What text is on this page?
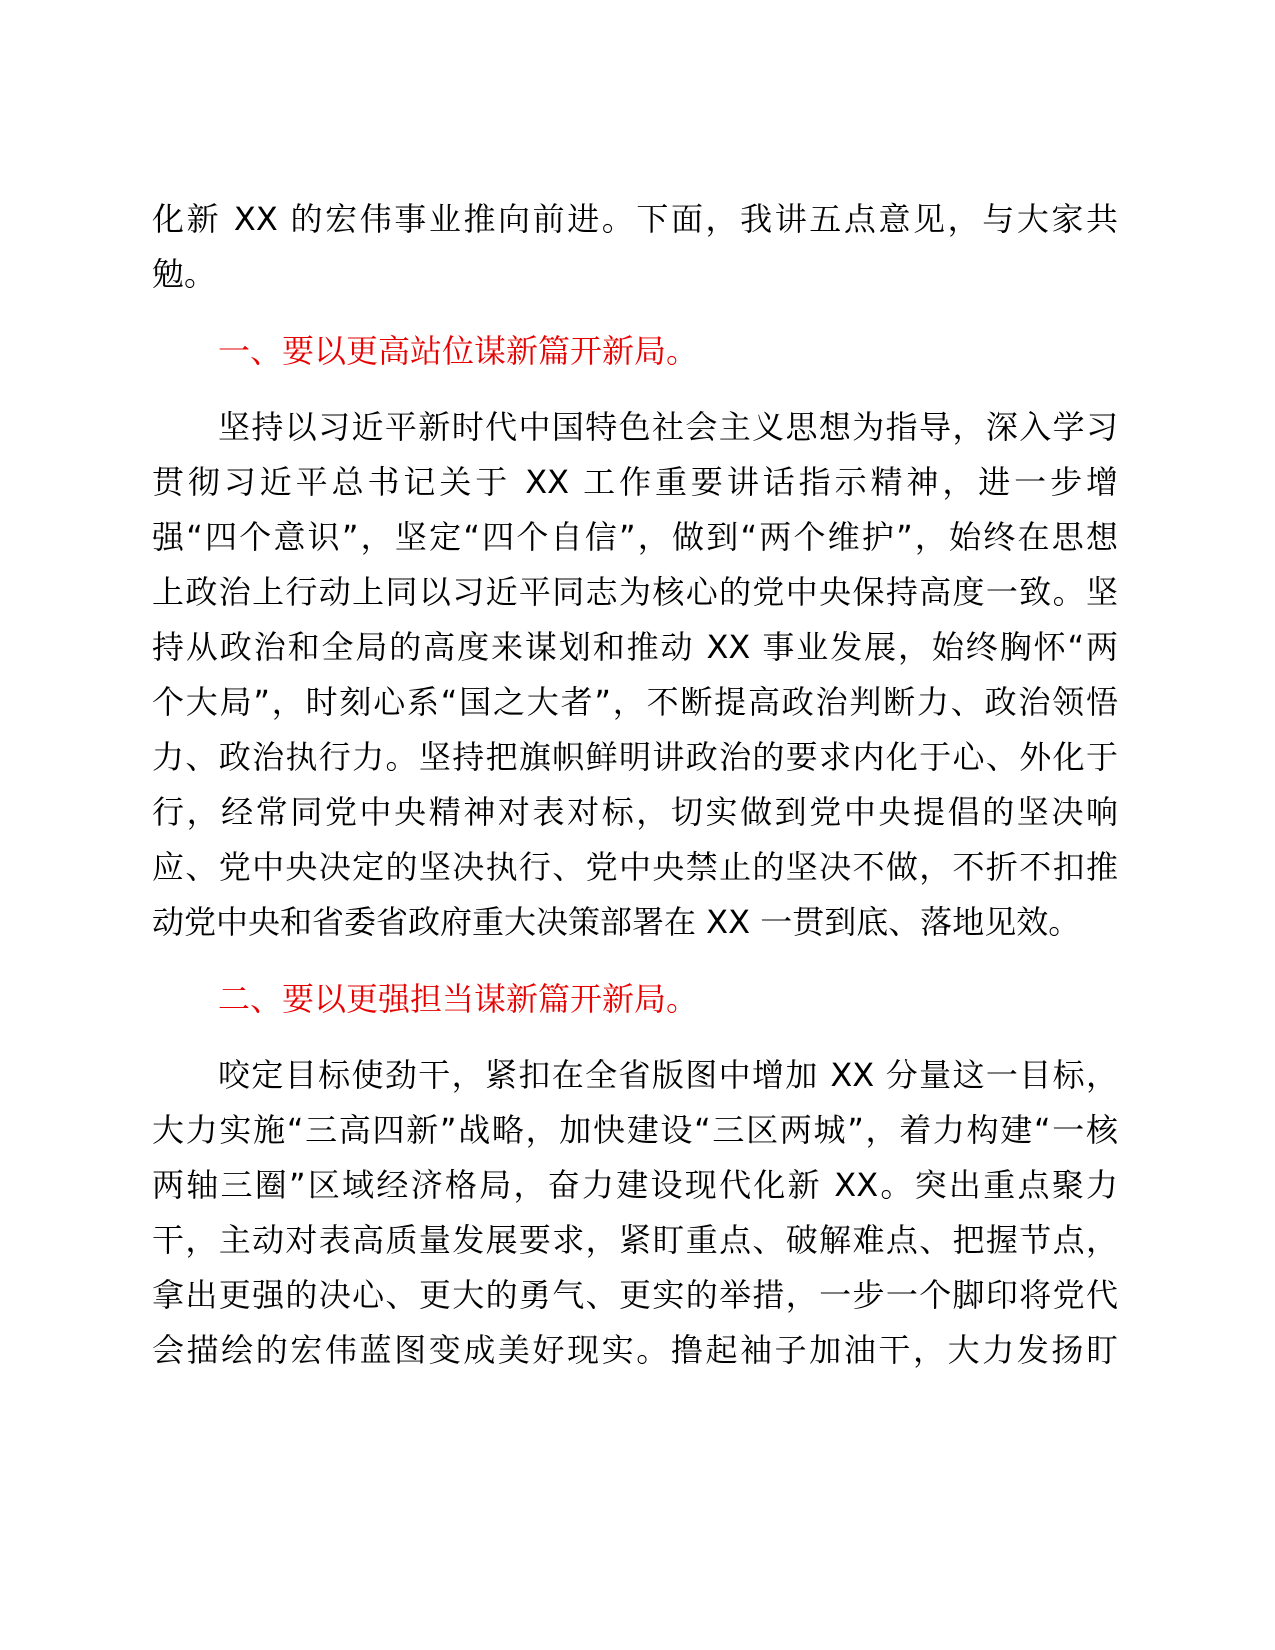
化新 XX 的宏伟事业推向前进。下面，我讲五点意见，与大家共
勉。
一、要以更高站位谋新篇开新局。
坚持以习近平新时代中国特色社会主义思想为指导，深入学习
贯彻习近平总书记关于 XX 工作重要讲话指示精神，进一步增
强“四个意识”，坚定“四个自信”，做到“两个维护”，始终在思想
上政治上行动上同以习近平同志为核心的党中央保持高度一致。坚
持从政治和全局的高度来谋划和推动 XX 事业发展，始终胸怀“两
个大局”，时刻心系“国之大者”，不断提高政治判断力、政治领悟
力、政治执行力。坚持把旗帜鲜明讲政治的要求内化于心、外化于
行，经常同党中央精神对表对标，切实做到党中央提倡的坚决响
应、党中央决定的坚决执行、党中央禁止的坚决不做，不折不扣推
动党中央和省委省政府重大决策部署在 XX 一贯到底、落地见效。
二、要以更强担当谋新篇开新局。
咬定目标使劲干，紧扣在全省版图中增加 XX 分量这一目标，
大力实施“三高四新”战略，加快建设“三区两城”，着力构建“一核
两轴三圈”区域经济格局，奋力建设现代化新 XX。突出重点聚力
干，主动对表高质量发展要求，紧盯重点、破解难点、把握节点，
拿出更强的决心、更大的勇气、更实的举措，一步一个脚印将党代
会描绘的宏伟蓝图变成美好现实。撸起袖子加油干，大力发扬盯
